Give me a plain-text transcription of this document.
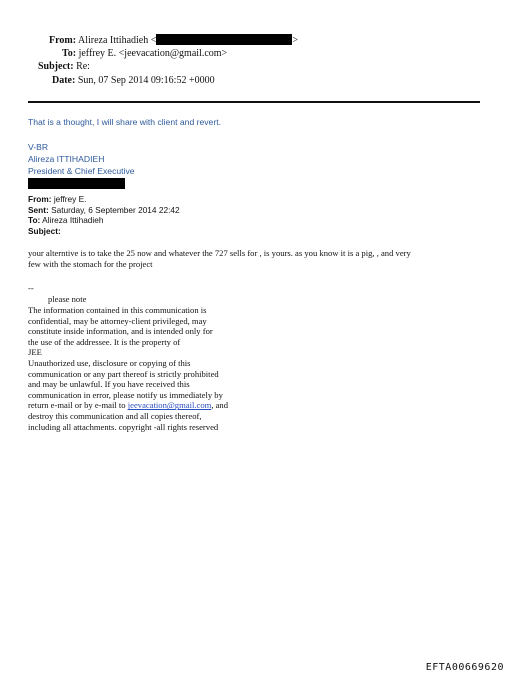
From: Alireza Ittihadieh <	>
To: jeffrey E. <jeevacation@gmail.com>
Subject: Re:
Date: Sun, 07 Sep 2014 09:16:52 +0000
That is a thought, I will share with client and revert.
V-BR
Alireza ITTIHADIEH
President & Chief Executive
From: jeffrey E.
Sent: Saturday, 6 September 2014 22:42
To: Alireza Ittihadieh
Subject:
your alterntive is to take the 25 now and whatever the 727 sells for , is yours. as you know it is a pig, , and very
few with the stomach for the project
--
please note
The information contained in this communication is
confidential, may be attorney-client privileged, may
constitute inside information, and is intended only for
the use of the addressee. It is the property of
JEE
Unauthorized use, disclosure or copying of this
communication or any part thereof is strictly prohibited
and may be unlawful. If you have received this
communication in error, please notify us immediately by
return e-mail or by e-mail to jeevacation@gmail.com, and
destroy this communication and all copies thereof,
including all attachments. copyright -all rights reserved
EFTA00669620
